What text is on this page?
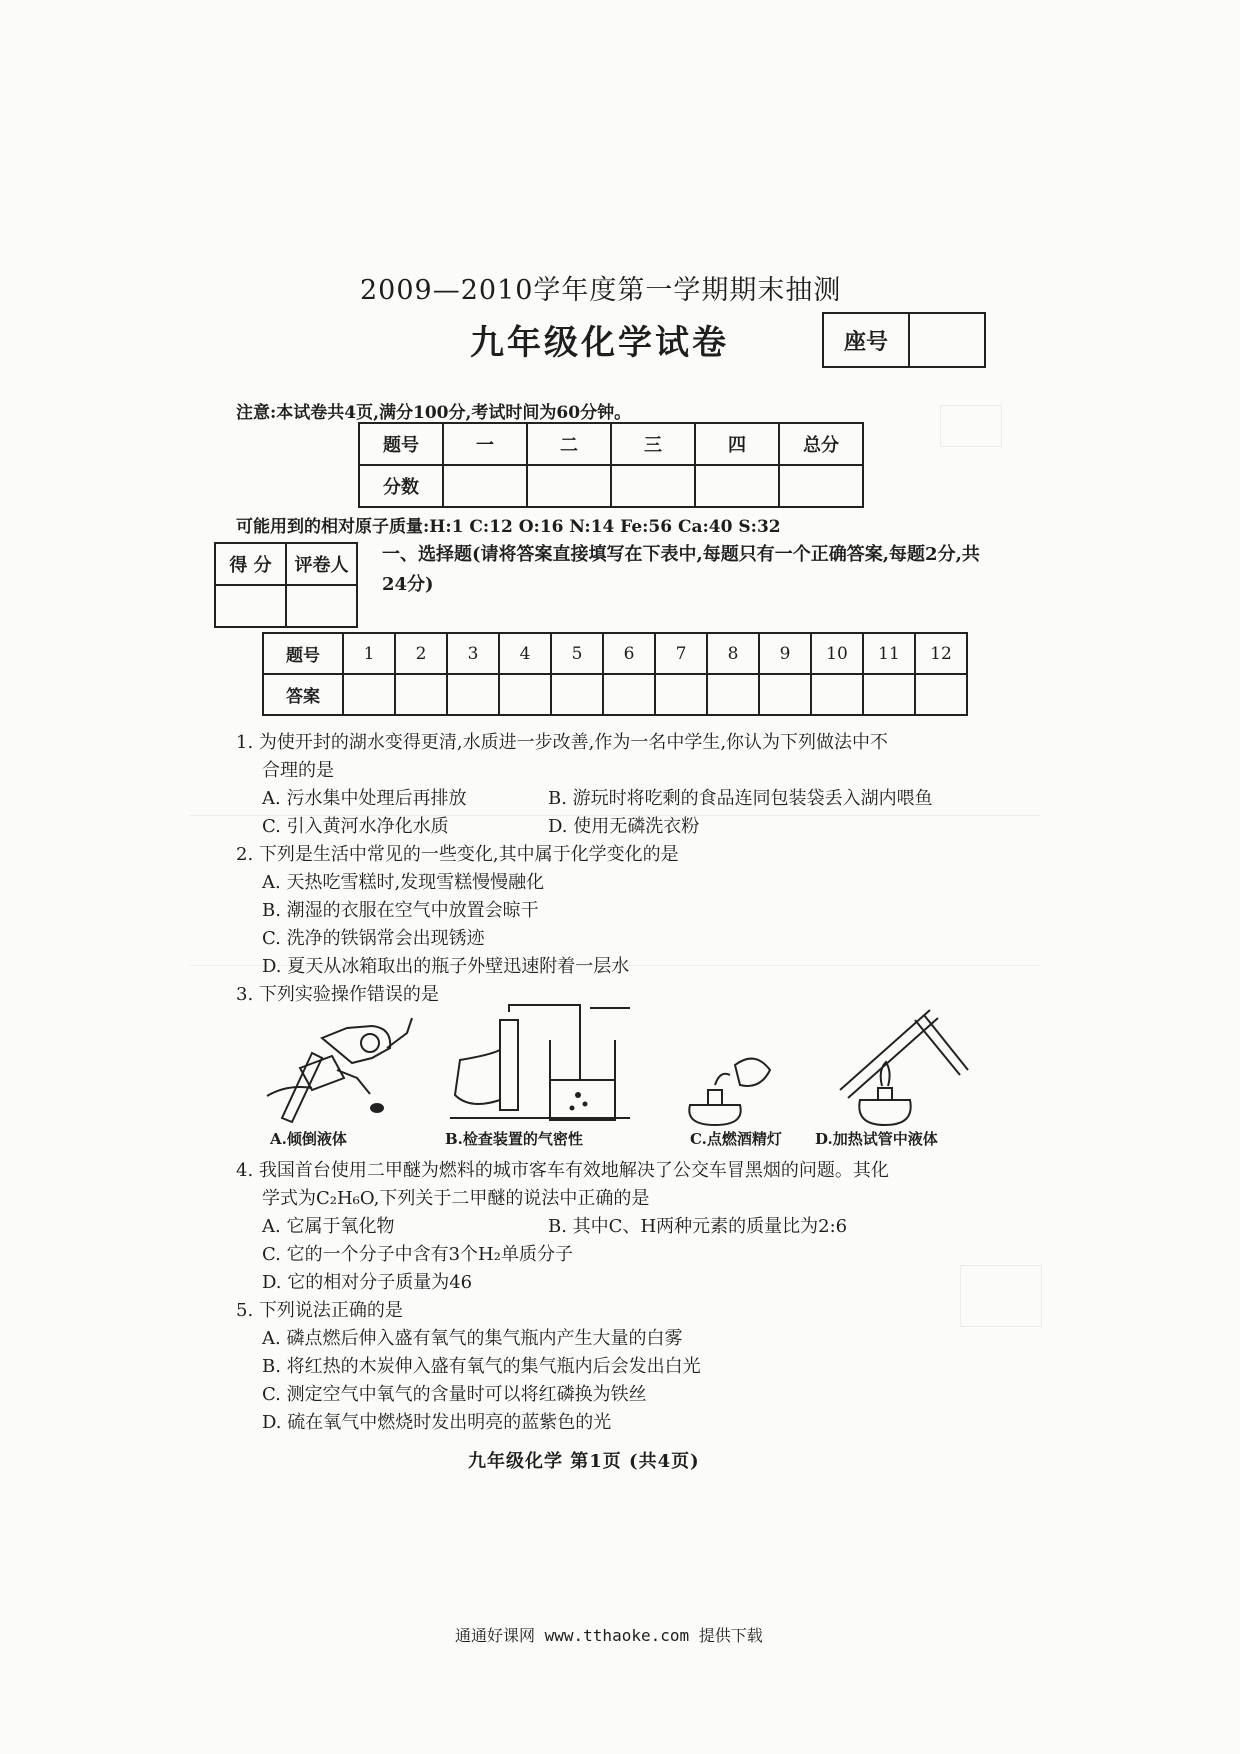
2009—2010学年度第一学期期末抽测
九年级化学试卷	座号
注意:本试卷共4页,满分100分,考试时间为60分钟。
题号	一	二	三	四	总分
分数					
可能用到的相对原子质量:H:1 C:12 O:16 N:14 Fe:56 Ca:40 S:32
得 分	评卷人

一、选择题(请将答案直接填写在下表中,每题只有一个正确答案,每题2分,共24分)
题号	1	2	3	4	5	6	7	8	9	10	11	12
答案												
1. 为使开封的湖水变得更清,水质进一步改善,作为一名中学生,你认为下列做法中不
合理的是
A. 污水集中处理后再排放	B. 游玩时将吃剩的食品连同包装袋丢入湖内喂鱼
C. 引入黄河水净化水质	D. 使用无磷洗衣粉
2. 下列是生活中常见的一些变化,其中属于化学变化的是
A. 天热吃雪糕时,发现雪糕慢慢融化
B. 潮湿的衣服在空气中放置会晾干
C. 洗净的铁锅常会出现锈迹
D. 夏天从冰箱取出的瓶子外壁迅速附着一层水
3. 下列实验操作错误的是
A.倾倒液体	B.检查装置的气密性	C.点燃酒精灯 D.加热试管中液体
4. 我国首台使用二甲醚为燃料的城市客车有效地解决了公交车冒黑烟的问题。其化
学式为C₂H₆O,下列关于二甲醚的说法中正确的是
A. 它属于氧化物	B. 其中C、H两种元素的质量比为2:6
C. 它的一个分子中含有3个H₂单质分子
D. 它的相对分子质量为46
5. 下列说法正确的是
A. 磷点燃后伸入盛有氧气的集气瓶内产生大量的白雾
B. 将红热的木炭伸入盛有氧气的集气瓶内后会发出白光
C. 测定空气中氧气的含量时可以将红磷换为铁丝
D. 硫在氧气中燃烧时发出明亮的蓝紫色的光
九年级化学 第1页 (共4页)
通通好课网 www.tthaoke.com 提供下载
